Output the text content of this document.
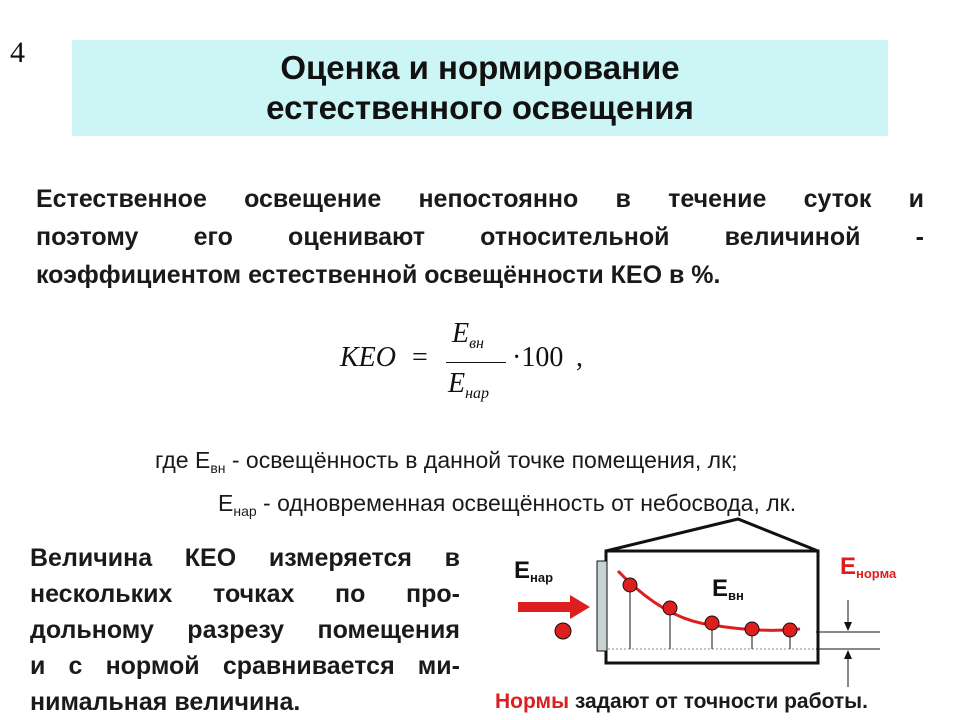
4	Оценка и нормирование
естественного освещения
Естественное освещение непостоянно в течение суток и
поэтому его оценивают относительной величиной -
коэффициентом естественной освещённости КЕО в %.
КЕО =
$E_{вн}$
$E_{нар}$
·100 ,
где $Е_{вн}$ - освещённость в данной точке помещения, лк;
$Е_{нар}$ - одновременная освещённость от небосвода, лк.
Величина КЕО измеряется в
нескольких точках по про-
дольному разрезу помещения
и с нормой сравнивается ми-
нимальная величина.
$Е_{нар}$	$Е_{вн}$
$Е_{норма}$
Нормы задают от точности работы.
